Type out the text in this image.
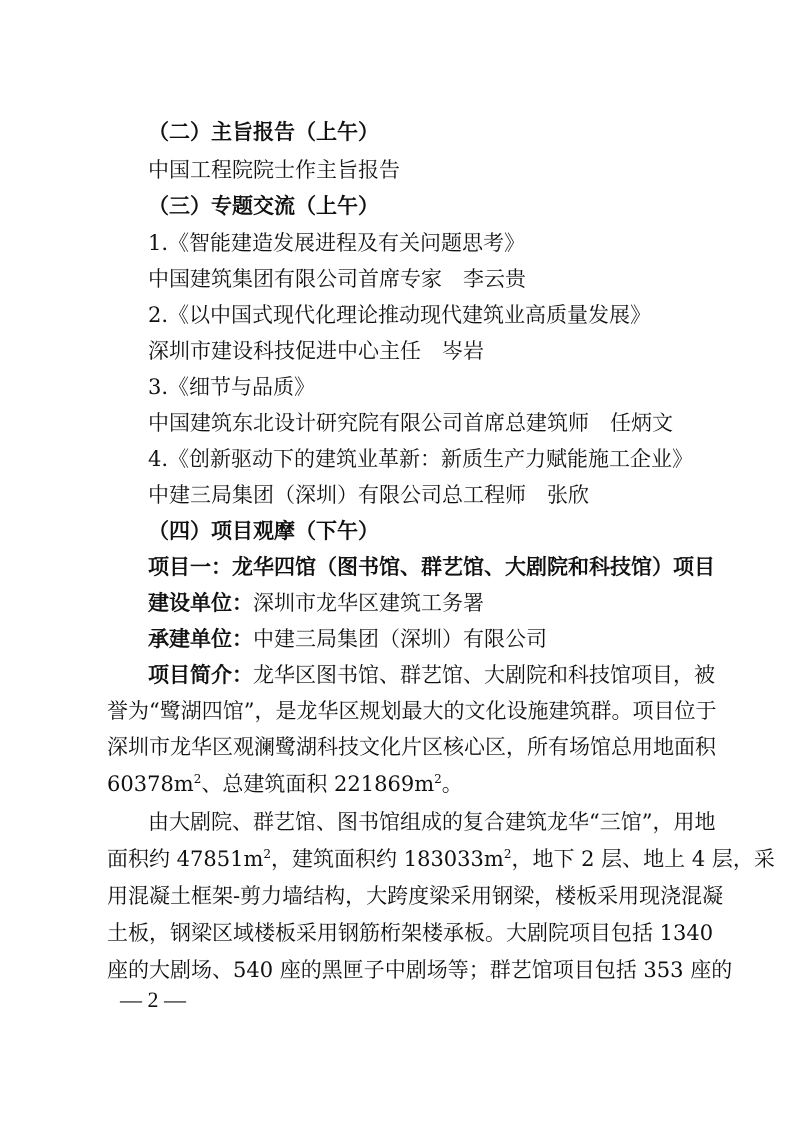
（二）主旨报告（上午）
中国工程院院士作主旨报告
（三）专题交流（上午）
1.《智能建造发展进程及有关问题思考》
中国建筑集团有限公司首席专家　李云贵
2.《以中国式现代化理论推动现代建筑业高质量发展》
深圳市建设科技促进中心主任　岑岩
3.《细节与品质》
中国建筑东北设计研究院有限公司首席总建筑师　任炳文
4.《创新驱动下的建筑业革新：新质生产力赋能施工企业》
中建三局集团（深圳）有限公司总工程师　张欣
（四）项目观摩（下午）
项目一：龙华四馆（图书馆、群艺馆、大剧院和科技馆）项目
建设单位：深圳市龙华区建筑工务署
承建单位：中建三局集团（深圳）有限公司
项目简介：龙华区图书馆、群艺馆、大剧院和科技馆项目，被
誉为“鹭湖四馆”，是龙华区规划最大的文化设施建筑群。项目位于
深圳市龙华区观澜鹭湖科技文化片区核心区，所有场馆总用地面积
$60378m^2$、总建筑面积 $221869m^2$。
由大剧院、群艺馆、图书馆组成的复合建筑龙华“三馆”，用地
面积约 $47851m^2$，建筑面积约 $183033m^2$，地下 2 层、地上 4 层，采
用混凝土框架-剪力墙结构，大跨度梁采用钢梁，楼板采用现浇混凝
土板，钢梁区域楼板采用钢筋桁架楼承板。大剧院项目包括 1340
座的大剧场、540 座的黑匣子中剧场等；群艺馆项目包括 353 座的
— 2 —
